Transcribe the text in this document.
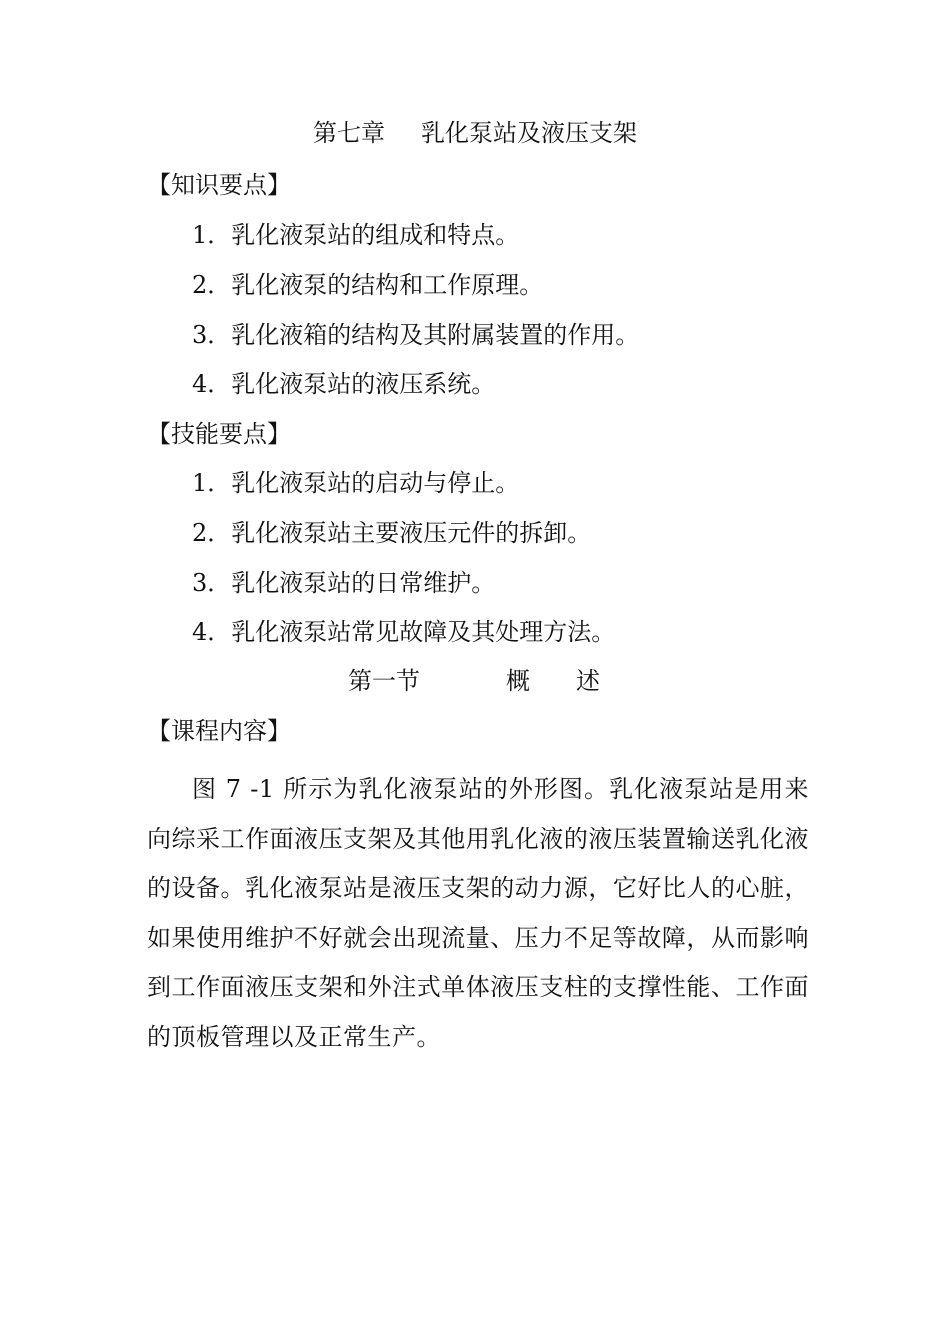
第七章 乳化泵站及液压支架
【知识要点】
1．乳化液泵站的组成和特点。
2．乳化液泵的结构和工作原理。
3．乳化液箱的结构及其附属装置的作用。
4．乳化液泵站的液压系统。
【技能要点】
1．乳化液泵站的启动与停止。
2．乳化液泵站主要液压元件的拆卸。
3．乳化液泵站的日常维护。
4．乳化液泵站常见故障及其处理方法。
第一节	概 述
【课程内容】
图 7 -1 所示为乳化液泵站的外形图。乳化液泵站是用来向综采工作面液压支架及其他用乳化液的液压装置输送乳化液的设备。乳化液泵站是液压支架的动力源，它好比人的心脏，如果使用维护不好就会出现流量、压力不足等故障，从而影响到工作面液压支架和外注式单体液压支柱的支撑性能、工作面的顶板管理以及正常生产。
